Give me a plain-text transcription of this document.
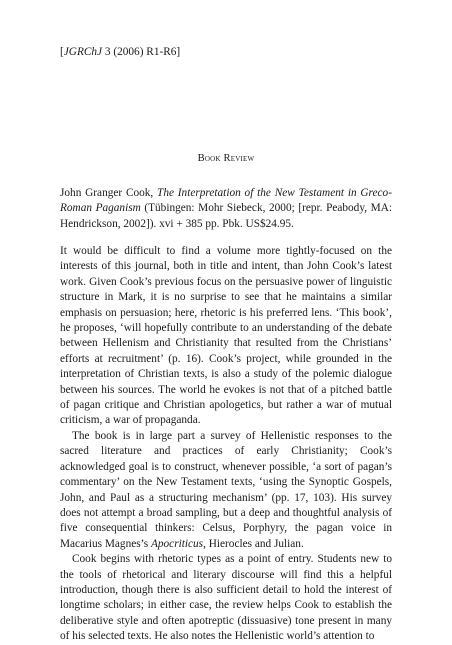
[JGRChJ 3 (2006) R1-R6]
Book Review

John Granger Cook, The Interpretation of the New Testament in Greco-Roman Paganism (Tübingen: Mohr Siebeck, 2000; [repr. Peabody, MA: Hendrickson, 2002]). xvi + 385 pp. Pbk. US$24.95.

It would be difficult to find a volume more tightly-focused on the interests of this journal, both in title and intent, than John Cook’s latest work. Given Cook’s previous focus on the persuasive power of linguistic structure in Mark, it is no surprise to see that he maintains a similar emphasis on persuasion; here, rhetoric is his preferred lens. ‘This book’, he proposes, ‘will hopefully contribute to an understanding of the debate between Hellenism and Christianity that resulted from the Christians’ efforts at recruitment’ (p. 16). Cook’s project, while grounded in the interpretation of Christian texts, is also a study of the polemic dialogue between his sources. The world he evokes is not that of a pitched battle of pagan critique and Christian apologetics, but rather a war of mutual criticism, a war of propaganda.

The book is in large part a survey of Hellenistic responses to the sacred literature and practices of early Christianity; Cook’s acknowledged goal is to construct, whenever possible, ‘a sort of pagan’s commentary’ on the New Testament texts, ‘using the Synoptic Gospels, John, and Paul as a structuring mechanism’ (pp. 17, 103). His survey does not attempt a broad sampling, but a deep and thoughtful analysis of five consequential thinkers: Celsus, Porphyry, the pagan voice in Macarius Magnes’s Apocriticus, Hierocles and Julian.

Cook begins with rhetoric types as a point of entry. Students new to the tools of rhetorical and literary discourse will find this a helpful introduction, though there is also sufficient detail to hold the interest of longtime scholars; in either case, the review helps Cook to establish the deliberative style and often apotreptic (dissuasive) tone present in many of his selected texts. He also notes the Hellenistic world’s attention to
